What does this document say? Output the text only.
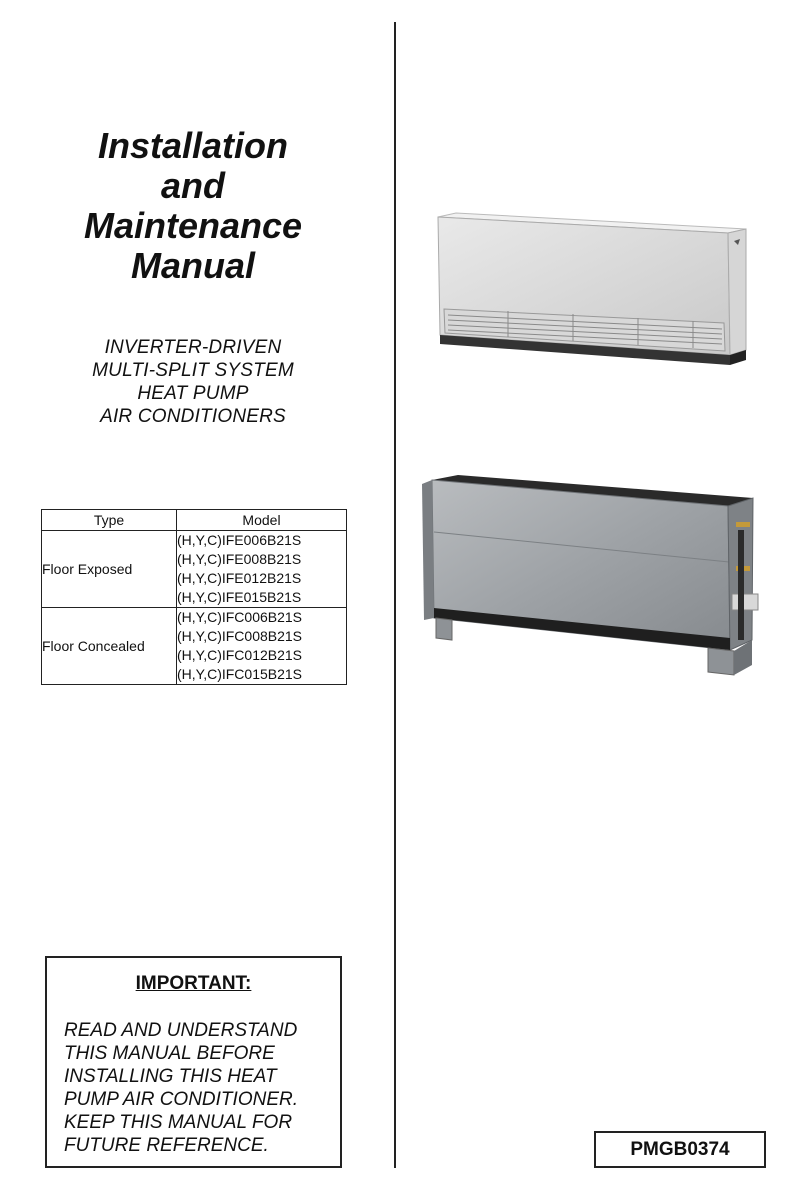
Installation
and
Maintenance
Manual
INVERTER-DRIVEN
MULTI-SPLIT SYSTEM
HEAT PUMP
AIR CONDITIONERS
Type	Model
Floor Exposed	(H,Y,C)IFE006B21S
(H,Y,C)IFE008B21S
(H,Y,C)IFE012B21S
(H,Y,C)IFE015B21S

Floor Concealed	(H,Y,C)IFC006B21S
(H,Y,C)IFC008B21S
(H,Y,C)IFC012B21S
(H,Y,C)IFC015B21S
IMPORTANT:
READ AND UNDERSTAND
THIS MANUAL BEFORE
INSTALLING THIS HEAT
PUMP AIR CONDITIONER.
KEEP THIS MANUAL FOR
FUTURE REFERENCE.	PMGB0374
